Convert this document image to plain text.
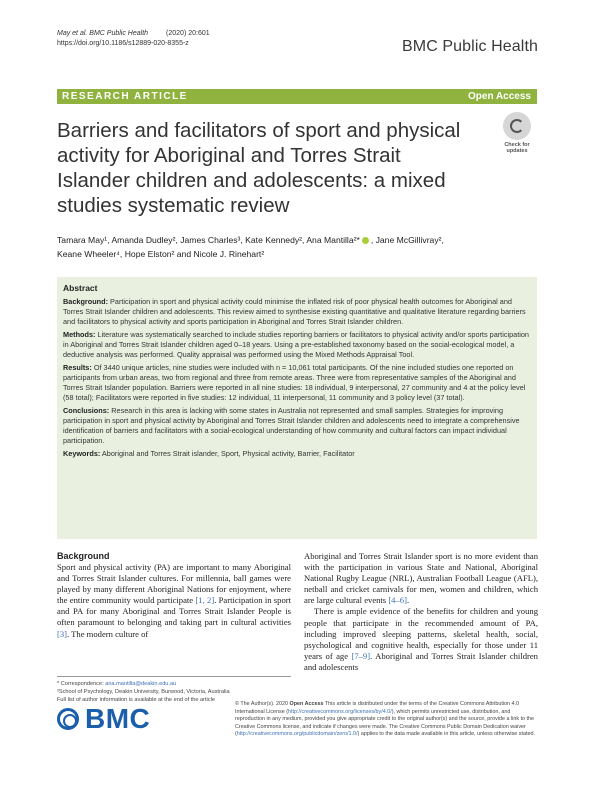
May et al. BMC Public Health	(2020) 20:601
https://doi.org/10.1186/s12889-020-8355-z	BMC Public Health
RESEARCH ARTICLE	Open Access
Barriers and facilitators of sport and physical activity for Aboriginal and Torres Strait Islander children and adolescents: a mixed studies systematic review
Check for
updates
Tamara May¹, Amanda Dudley², James Charles³, Kate Kennedy², Ana Mantilla²* , Jane McGillivray²,
Keane Wheeler⁴, Hope Elston² and Nicole J. Rinehart²
Abstract

Background: Participation in sport and physical activity could minimise the inflated risk of poor physical health outcomes for Aboriginal and Torres Strait Islander children and adolescents. This review aimed to synthesise existing quantitative and qualitative literature regarding barriers and facilitators to physical activity and sports participation in Aboriginal and Torres Strait Islander children.

Methods: Literature was systematically searched to include studies reporting barriers or facilitators to physical activity and/or sports participation in Aboriginal and Torres Strait Islander children aged 0–18 years. Using a pre-established taxonomy based on the social-ecological model, a deductive analysis was performed. Quality appraisal was performed using the Mixed Methods Appraisal Tool.

Results: Of 3440 unique articles, nine studies were included with n = 10,061 total participants. Of the nine included studies one reported on participants from urban areas, two from regional and three from remote areas. Three were from representative samples of the Aboriginal and Torres Strait Islander population. Barriers were reported in all nine studies: 18 individual, 9 interpersonal, 27 community and 4 at the policy level (58 total); Facilitators were reported in five studies: 12 individual, 11 interpersonal, 11 community and 3 policy level (37 total).

Conclusions: Research in this area is lacking with some states in Australia not represented and small samples. Strategies for improving participation in sport and physical activity by Aboriginal and Torres Strait Islander children and adolescents need to integrate a comprehensive identification of barriers and facilitators with a social-ecological understanding of how community and cultural factors can impact individual participation.

Keywords: Aboriginal and Torres Strait islander, Sport, Physical activity, Barrier, Facilitator

Background

Sport and physical activity (PA) are important to many Aboriginal and Torres Strait Islander cultures. For millennia, ball games were played by many different Aboriginal Nations for enjoyment, where the entire community would participate [1, 2]. Participation in sport and PA for many Aboriginal and Torres Strait Islander People is often paramount to belonging and taking part in cultural activities [3]. The modern culture of

Aboriginal and Torres Strait Islander sport is no more evident than with the participation in various State and National, Aboriginal National Rugby League (NRL), Australian Football League (AFL), netball and cricket carnivals for men, women and children, which are large cultural events [4–6].

There is ample evidence of the benefits for children and young people that participate in the recommended amount of PA, including improved sleeping patterns, skeletal health, social, psychological and cognitive health, especially for those under 11 years of age [7–9]. Aboriginal and Torres Strait Islander children and adolescents

* Correspondence: ana.mantilla@deakin.edu.au
²School of Psychology, Deakin University, Burwood, Victoria, Australia
Full list of author information is available at the end of the article
BMC	© The Author(s). 2020 Open Access This article is distributed under the terms of the Creative Commons Attribution 4.0 International License (http://creativecommons.org/licenses/by/4.0/), which permits unrestricted use, distribution, and reproduction in any medium, provided you give appropriate credit to the original author(s) and the source, provide a link to the Creative Commons license, and indicate if changes were made. The Creative Commons Public Domain Dedication waiver (http://creativecommons.org/publicdomain/zero/1.0/) applies to the data made available in this article, unless otherwise stated.
